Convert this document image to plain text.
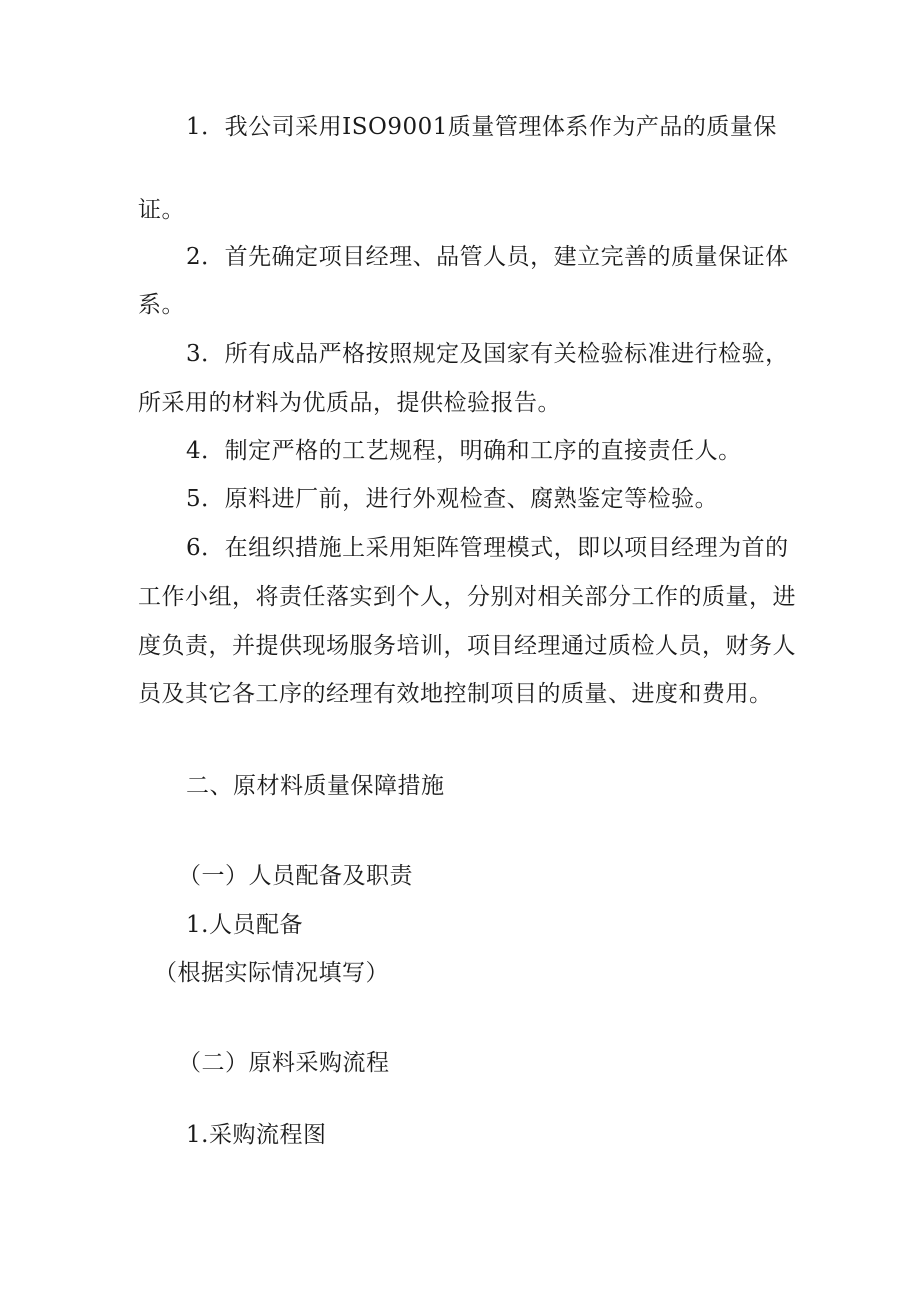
1．我公司采用ISO9001质量管理体系作为产品的质量保
证。
2．首先确定项目经理、品管人员，建立完善的质量保证体
系。
3．所有成品严格按照规定及国家有关检验标准进行检验，
所采用的材料为优质品，提供检验报告。
4．制定严格的工艺规程，明确和工序的直接责任人。
5．原料进厂前，进行外观检查、腐熟鉴定等检验。
6．在组织措施上采用矩阵管理模式，即以项目经理为首的
工作小组，将责任落实到个人，分别对相关部分工作的质量，进
度负责，并提供现场服务培训，项目经理通过质检人员，财务人
员及其它各工序的经理有效地控制项目的质量、进度和费用。
二、原材料质量保障措施
（一）人员配备及职责
1.人员配备
（根据实际情况填写）
（二）原料采购流程
1.采购流程图
